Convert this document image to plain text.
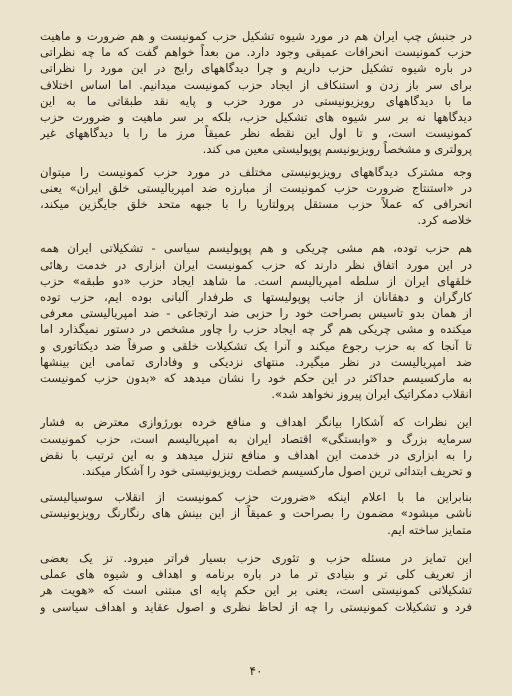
در جنبش چپ ایران هم در مورد شیوه تشکیل حزب کمونیست و هم ضرورت و ماهیت
حزب کمونیست انحرافات عمیقی وجود دارد. من بعداً خواهم گفت که ما چه نظراتی
در باره شیوه تشکیل حزب داریم و چرا دیدگاههای رایج در این مورد را نظراتی
برای سر باز زدن و استنکاف از ایجاد حزب کمونیست میدانیم. اما اساس اختلاف
ما با دیدگاههای رویزیونیستی در مورد حزب و پایه نقد طبقاتی ما به این
دیدگاهها نه بر سر شیوه های تشکیل حزب، بلکه بر سر ماهیت و ضرورت حزب
کمونیست است، و تا اول این نقطه نظر عمیقاً مرز ما را با دیدگاههای غیر
پرولتری و مشخصاً رویزیونیسم پوپولیستی معین می کند.
وجه مشترک دیدگاههای رویزیونیستی مختلف در مورد حزب کمونیست را میتوان
در «استنتاج ضرورت حزب کمونیست از مبارزه ضد امپریالیستی خلق ایران» یعنی
انحرافی که عملاً حزب مستقل پرولتاریا را با جبهه متحد خلق جایگزین میکند،
خلاصه کرد.
هم حزب توده، هم مشی چریکی و هم پوپولیسم سیاسی - تشکیلاتی ایران همه
در این مورد اتفاق نظر دارند که حزب کمونیست ایران ابزاری در خدمت رهائی
خلقهای ایران از سلطه امپریالیسم است. ما شاهد ایجاد حزب «دو طبقه» حزب
کارگران و دهقانان از جانب پوپولیستها ی طرفدار آلبانی بوده ایم، حزب توده
از همان بدو تاسیس بصراحت خود را حزبی ضد ارتجاعی - ضد امپریالیستی معرفی
میکنده و مشی چریکی هم گر چه ایجاد حزب را چاور مشخص در دستور نمیگذارد اما
تا آنجا که به حزب رجوع میکند و آنرا یک تشکیلات خلقی و صرفاً ضد دیکتاتوری و
ضد امپریالیست در نظر میگیرد. منتهای نزدیکی و وفاداری تمامی این بینشها
به مارکسیسم حداکثر در این حکم خود را نشان میدهد که «بدون حزب کمونیست
انقلاب دمکراتیک ایران پیروز نخواهد شد».
این نظرات که آشکارا بیانگر اهداف و منافع خرده بورژوازی معترض به فشار
سرمایه بزرگ و «وابستگی» اقتصاد ایران به امپریالیسم است، حزب کمونیست
را به ابزاری در خدمت این اهداف و منافع تنزل میدهد و به این ترتیب با نقض
و تحریف ابتدائی ترین اصول مارکسیسم خصلت رویزیونیستی خود را آشکار میکند.
بنابراین ما با اعلام اینکه «ضرورت حزب کمونیست از انقلاب سوسیالیستی
ناشی میشود» مضمون را بصراحت و عمیقاً از این بینش های رنگارنگ رویزیونیستی
متمایز ساخته ایم.
این تمایز در مسئله حزب و تئوری حزب بسیار فراتر میرود. تز یک بعضی
از تعریف کلی تر و بنیادی تر ما در باره برنامه و اهداف و شیوه های عملی
تشکیلاتی کمونیستی است، یعنی بر این حکم پایه ای مبتنی است که «هویت هر
فرد و تشکیلات کمونیستی را چه از لحاظ نظری و اصول عقاید و اهداف سیاسی و
۴۰
